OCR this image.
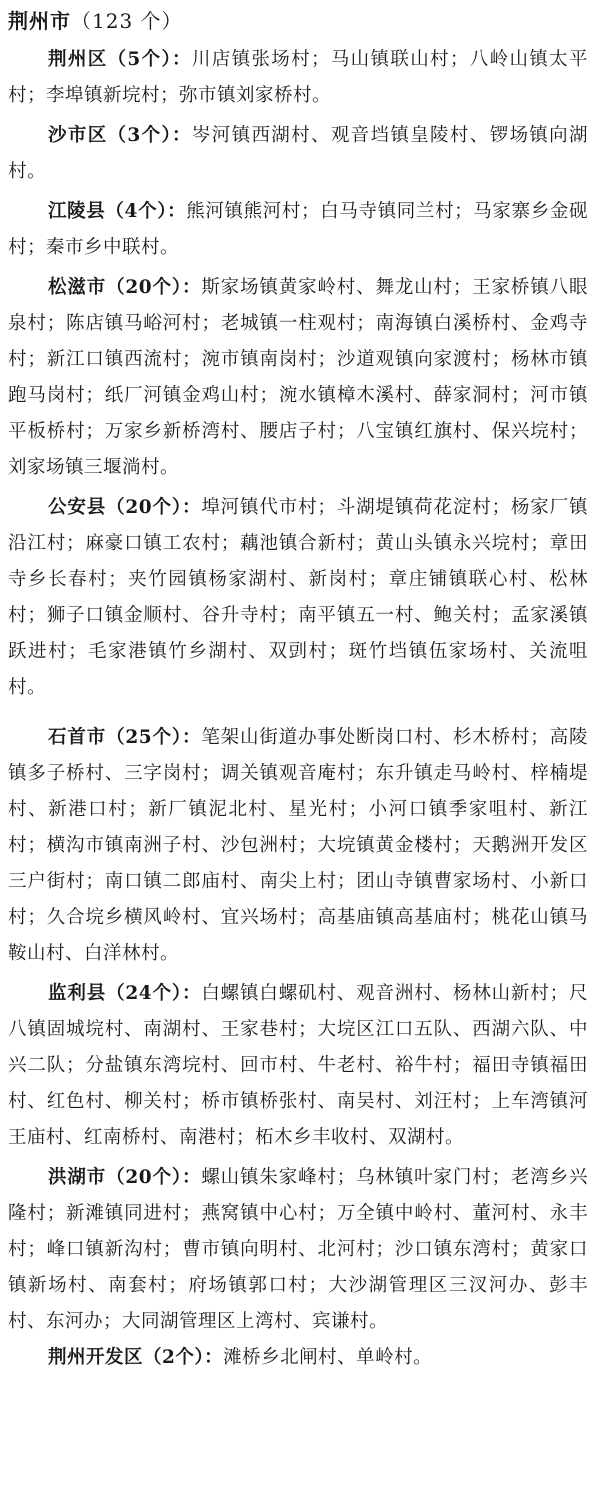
荆州市（123 个）

荆州区（5个）：川店镇张场村；马山镇联山村；八岭山镇太平村；李埠镇新垸村；弥市镇刘家桥村。

沙市区（3个）：岑河镇西湖村、观音垱镇皇陵村、锣场镇向湖村。

江陵县（4个）：熊河镇熊河村；白马寺镇同兰村；马家寨乡金砚村；秦市乡中联村。

松滋市（20个）：斯家场镇黄家岭村、舞龙山村；王家桥镇八眼泉村；陈店镇马峪河村；老城镇一柱观村；南海镇白溪桥村、金鸡寺村；新江口镇西流村；涴市镇南岗村；沙道观镇向家渡村；杨林市镇跑马岗村；纸厂河镇金鸡山村；涴水镇樟木溪村、薛家洞村；河市镇平板桥村；万家乡新桥湾村、腰店子村；八宝镇红旗村、保兴垸村；刘家场镇三堰淌村。

公安县（20个）：埠河镇代市村；斗湖堤镇荷花淀村；杨家厂镇沿江村；麻豪口镇工农村；藕池镇合新村；黄山头镇永兴垸村；章田寺乡长春村；夹竹园镇杨家湖村、新岗村；章庄铺镇联心村、松林村；狮子口镇金顺村、谷升寺村；南平镇五一村、鲍关村；孟家溪镇跃进村；毛家港镇竹乡湖村、双剅村；斑竹垱镇伍家场村、关流咀村。

石首市（25个）：笔架山街道办事处断岗口村、杉木桥村；高陵镇多子桥村、三字岗村；调关镇观音庵村；东升镇走马岭村、梓楠堤村、新港口村；新厂镇泥北村、星光村；小河口镇季家咀村、新江村；横沟市镇南洲子村、沙包洲村；大垸镇黄金楼村；天鹅洲开发区三户街村；南口镇二郎庙村、南尖上村；团山寺镇曹家场村、小新口村；久合垸乡横风岭村、宜兴场村；高基庙镇高基庙村；桃花山镇马鞍山村、白洋林村。

监利县（24个）：白螺镇白螺矶村、观音洲村、杨林山新村；尺八镇固城垸村、南湖村、王家巷村；大垸区江口五队、西湖六队、中兴二队；分盐镇东湾垸村、回市村、牛老村、裕牛村；福田寺镇福田村、红色村、柳关村；桥市镇桥张村、南吴村、刘汪村；上车湾镇河王庙村、红南桥村、南港村；柘木乡丰收村、双湖村。

洪湖市（20个）：螺山镇朱家峰村；乌林镇叶家门村；老湾乡兴隆村；新滩镇同进村；燕窝镇中心村；万全镇中岭村、董河村、永丰村；峰口镇新沟村；曹市镇向明村、北河村；沙口镇东湾村；黄家口镇新场村、南套村；府场镇郭口村；大沙湖管理区三汊河办、彭丰村、东河办；大同湖管理区上湾村、宾谦村。

荆州开发区（2个）：滩桥乡北闸村、单岭村。
